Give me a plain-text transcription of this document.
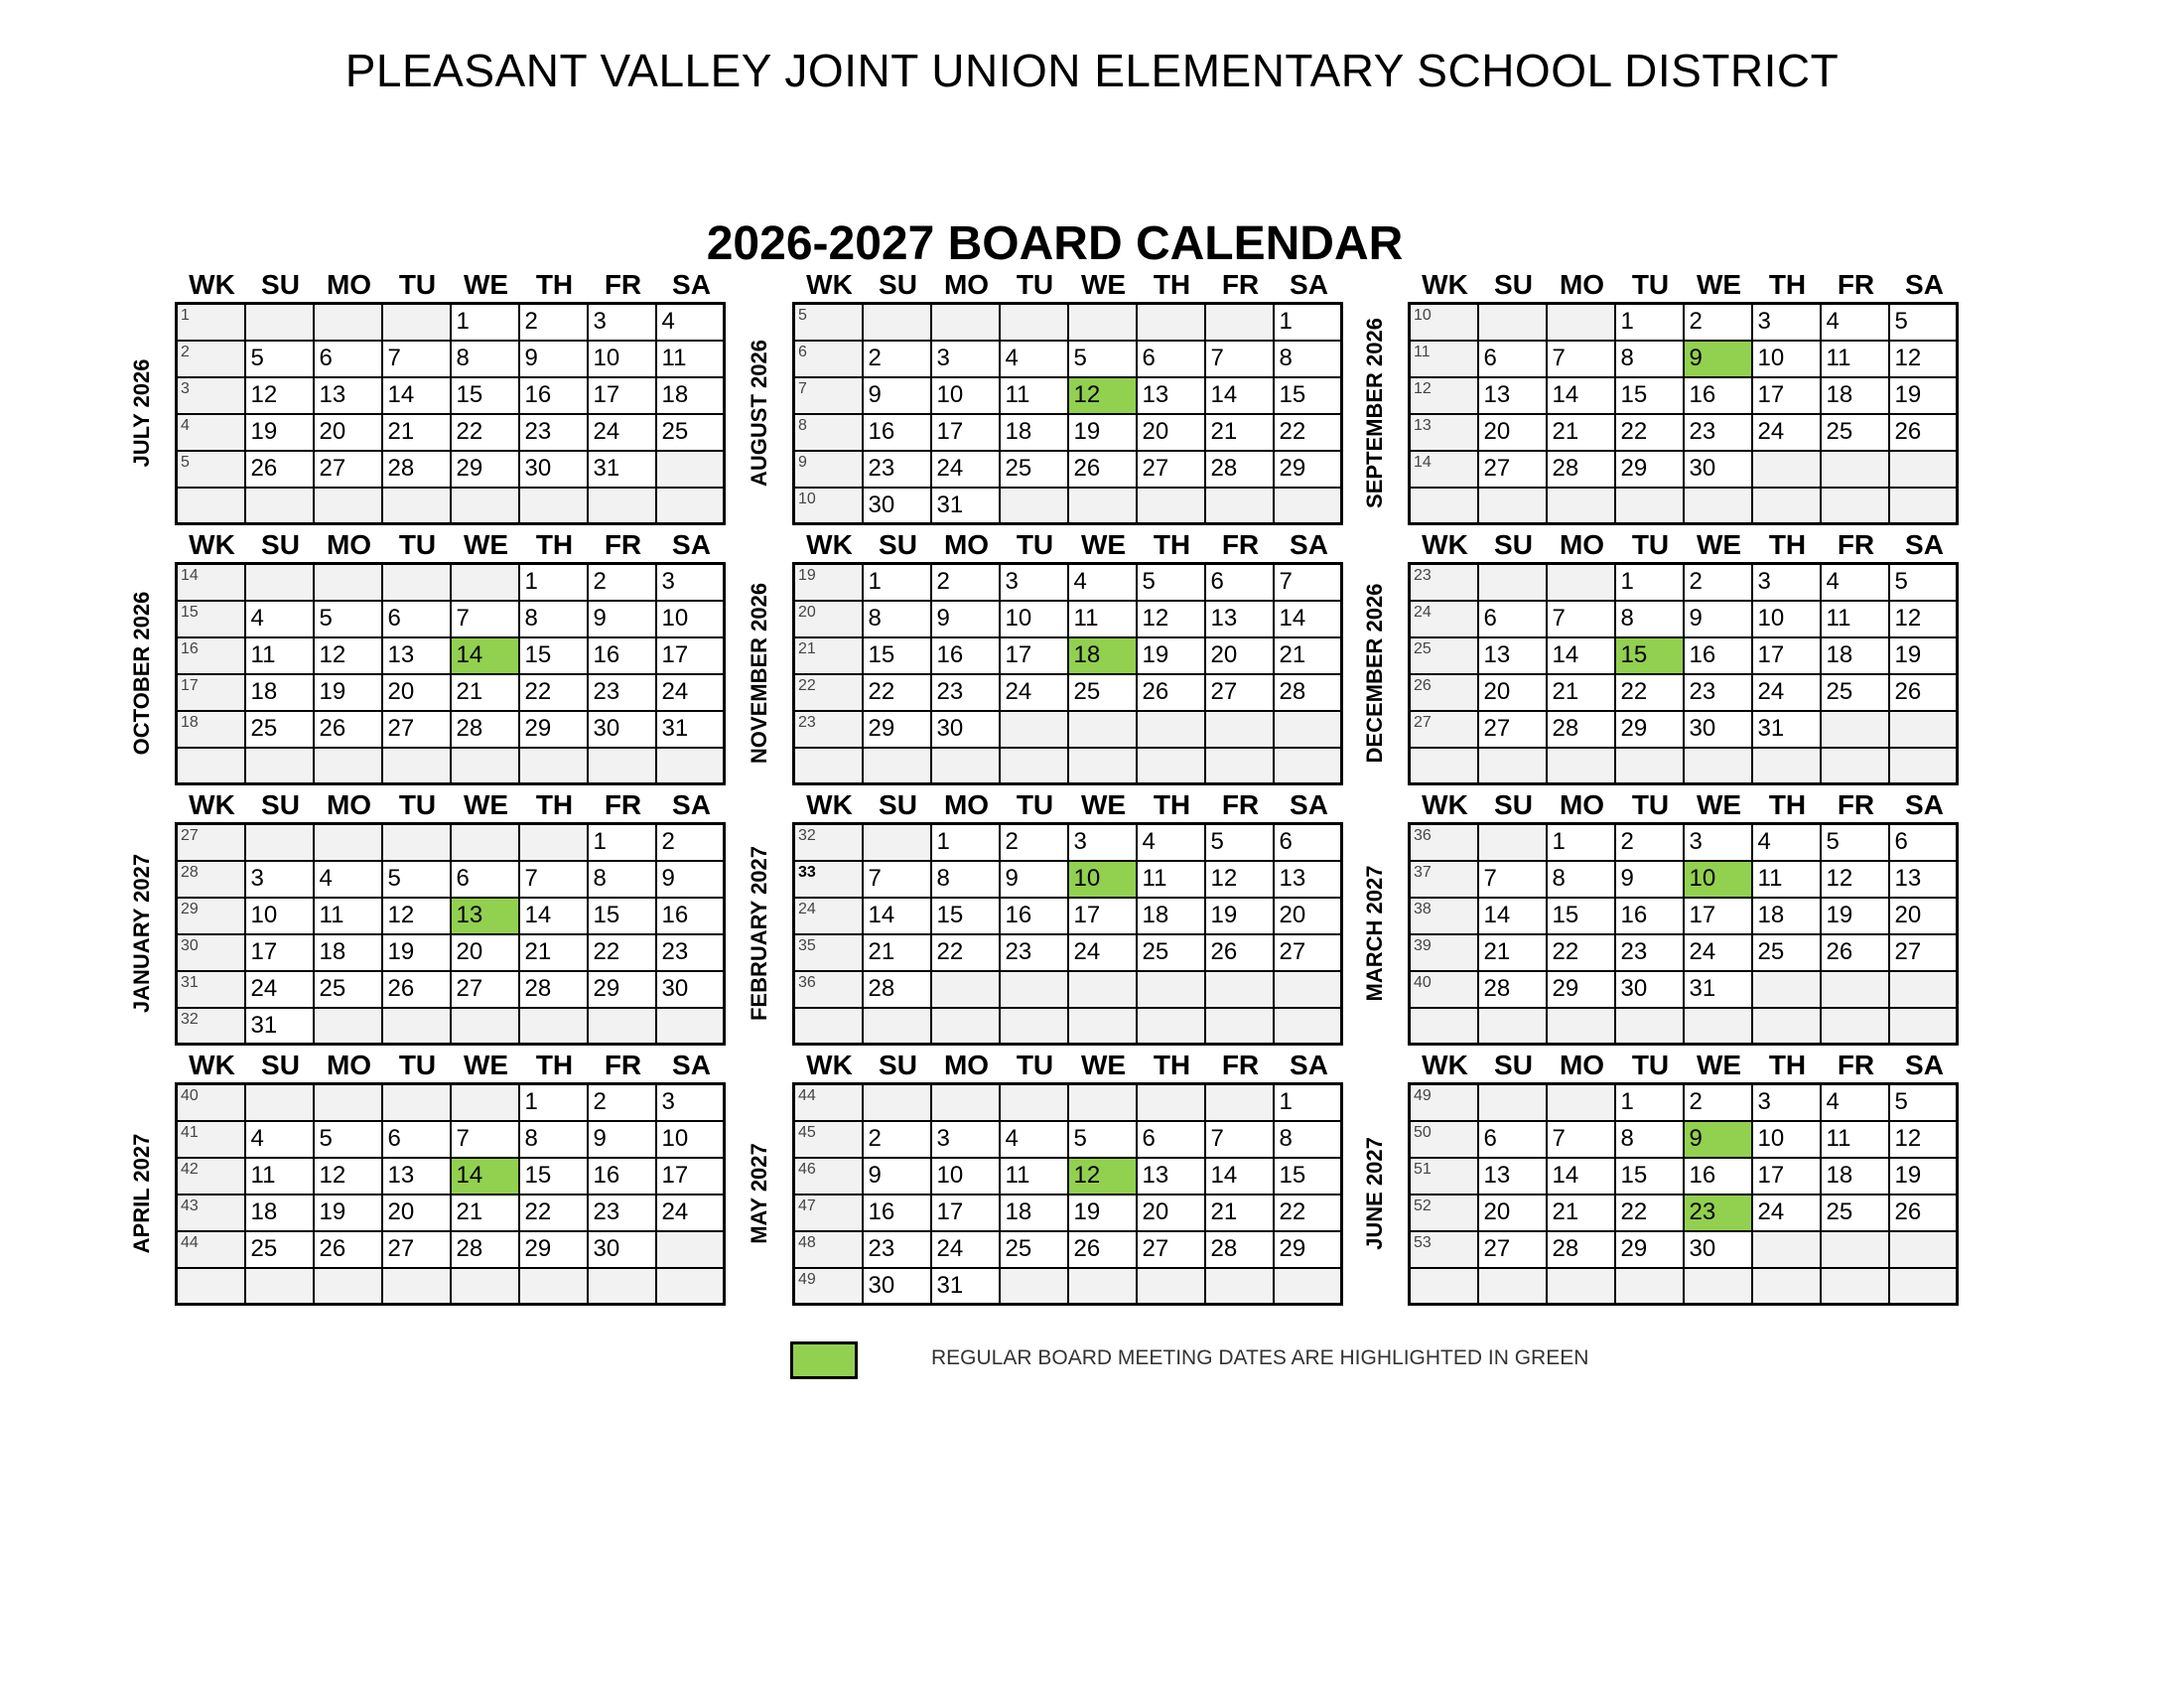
PLEASANT VALLEY JOINT UNION ELEMENTARY SCHOOL DISTRICT
2026-2027 BOARD CALENDAR
WK SU MO TU WE TH	FR	SA
JULY 2026
1				1	2	3	4

2	5	6	7	8	9	10	11

3	12	13	14	15	16	17	18

4	19	20	21	22	23	24	25

5	26	27	28	29	30	31	

WK SU MO TU WE TH	FR	SA
AUGUST 2026
5							1

6	2	3	4	5	6	7	8

7	9	10	11	12	13	14	15

8	16	17	18	19	20	21	22

9	23	24	25	26	27	28	29

10	30	31					

WK SU MO TU WE TH	FR	SA
SEPTEMBER 2026
10			1	2	3	4	5

11	6	7	8	9	10	11	12

12	13	14	15	16	17	18	19

13	20	21	22	23	24	25	26

14	27	28	29	30			

WK SU MO TU WE TH	FR	SA
OCTOBER 2026
14					1	2	3

15	4	5	6	7	8	9	10

16	11	12	13	14	15	16	17

17	18	19	20	21	22	23	24

18	25	26	27	28	29	30	31

WK SU MO TU WE TH	FR	SA
NOVEMBER 2026
19	1	2	3	4	5	6	7

20	8	9	10	11	12	13	14

21	15	16	17	18	19	20	21

22	22	23	24	25	26	27	28

23	29	30					

WK SU MO TU WE TH	FR	SA
DECEMBER 2026
23			1	2	3	4	5

24	6	7	8	9	10	11	12

25	13	14	15	16	17	18	19

26	20	21	22	23	24	25	26

27	27	28	29	30	31		

WK SU MO TU WE TH	FR	SA
JANUARY 2027
27						1	2

28	3	4	5	6	7	8	9

29	10	11	12	13	14	15	16

30	17	18	19	20	21	22	23

31	24	25	26	27	28	29	30

32	31						

WK SU MO TU WE TH	FR	SA
FEBRUARY 2027
32		1	2	3	4	5	6

33	7	8	9	10	11	12	13

24	14	15	16	17	18	19	20

35	21	22	23	24	25	26	27

36	28						

WK SU MO TU WE TH	FR	SA
MARCH 2027
36		1	2	3	4	5	6

37	7	8	9	10	11	12	13

38	14	15	16	17	18	19	20

39	21	22	23	24	25	26	27

40	28	29	30	31			

WK SU MO TU WE TH	FR	SA
APRIL 2027
40					1	2	3

41	4	5	6	7	8	9	10

42	11	12	13	14	15	16	17

43	18	19	20	21	22	23	24

44	25	26	27	28	29	30	

WK SU MO TU WE TH	FR	SA
MAY 2027
44							1

45	2	3	4	5	6	7	8

46	9	10	11	12	13	14	15

47	16	17	18	19	20	21	22

48	23	24	25	26	27	28	29

49	30	31					

WK SU MO TU WE TH	FR	SA
JUNE 2027
49			1	2	3	4	5

50	6	7	8	9	10	11	12

51	13	14	15	16	17	18	19

52	20	21	22	23	24	25	26

53	27	28	29	30			

REGULAR BOARD MEETING DATES ARE HIGHLIGHTED IN GREEN
